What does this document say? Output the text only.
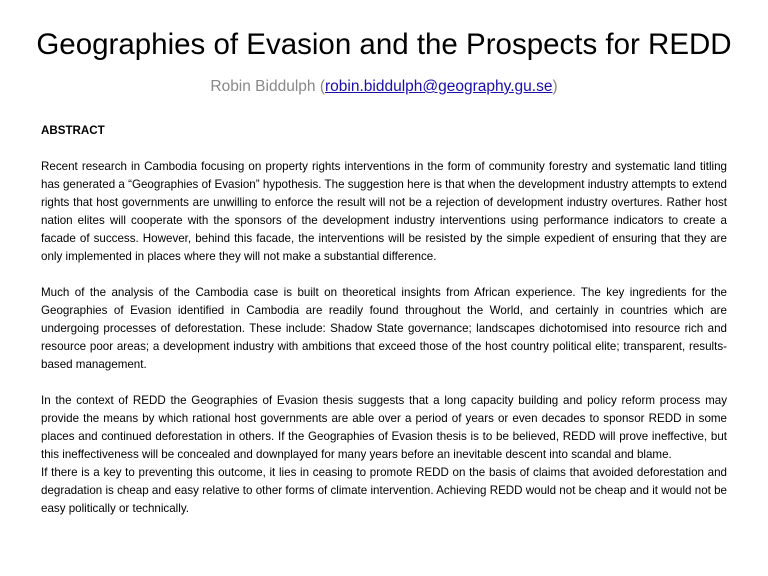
Geographies of Evasion and the Prospects for REDD
Robin Biddulph (robin.biddulph@geography.gu.se)

ABSTRACT

Recent research in Cambodia focusing on property rights interventions in the form of community forestry and systematic land titling has generated a “Geographies of Evasion” hypothesis. The suggestion here is that when the development industry attempts to extend rights that host governments are unwilling to enforce the result will not be a rejection of development industry overtures. Rather host nation elites will cooperate with the sponsors of the development industry interventions using performance indicators to create a facade of success. However, behind this facade, the interventions will be resisted by the simple expedient of ensuring that they are only implemented in places where they will not make a substantial difference.

Much of the analysis of the Cambodia case is built on theoretical insights from African experience. The key ingredients for the Geographies of Evasion identified in Cambodia are readily found throughout the World, and certainly in countries which are undergoing processes of deforestation. These include: Shadow State governance; landscapes dichotomised into resource rich and resource poor areas; a development industry with ambitions that exceed those of the host country political elite; transparent, results-based management.

In the context of REDD the Geographies of Evasion thesis suggests that a long capacity building and policy reform process may provide the means by which rational host governments are able over a period of years or even decades to sponsor REDD in some places and continued deforestation in others. If the Geographies of Evasion thesis is to be believed, REDD will prove ineffective, but this ineffectiveness will be concealed and downplayed for many years before an inevitable descent into scandal and blame.

If there is a key to preventing this outcome, it lies in ceasing to promote REDD on the basis of claims that avoided deforestation and degradation is cheap and easy relative to other forms of climate intervention. Achieving REDD would not be cheap and it would not be easy politically or technically.
